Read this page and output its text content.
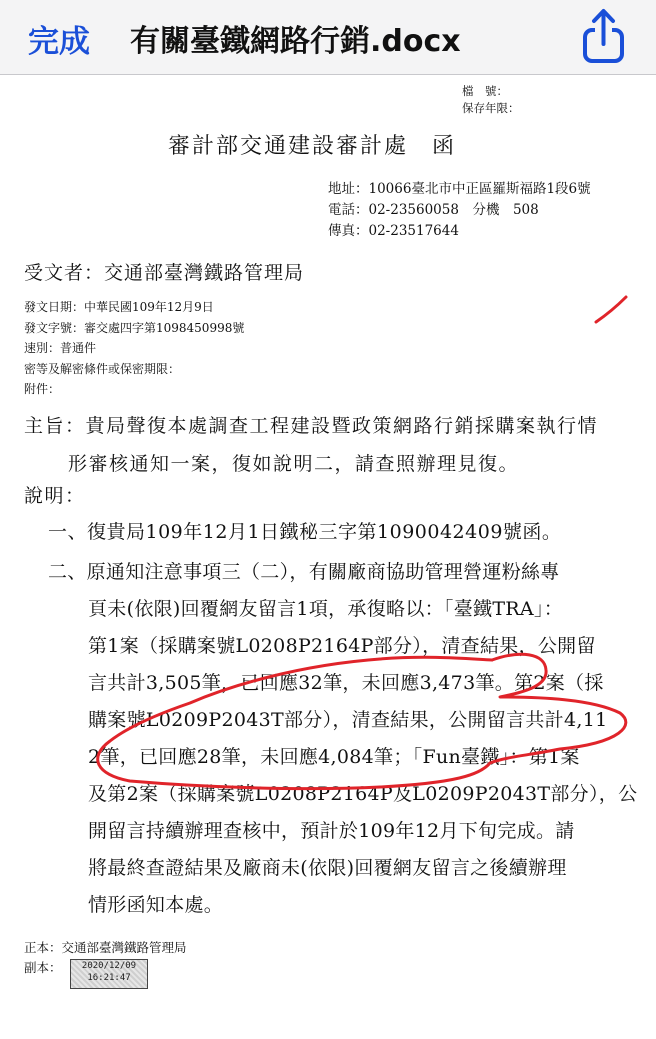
完成 有關臺鐵網路行銷.docx
檔　號：
保存年限：
審計部交通建設審計處　函
地址：10066臺北市中正區羅斯福路1段6號
電話：02-23560058　分機　508
傳真：02-23517644
受文者：交通部臺灣鐵路管理局
發文日期：中華民國109年12月9日
發文字號：審交處四字第1098450998號
速別：普通件
密等及解密條件或保密期限：
附件：
主旨：貴局聲復本處調查工程建設暨政策網路行銷採購案執行情
形審核通知一案，復如說明二，請查照辦理見復。
說明：
一、復貴局109年12月1日鐵秘三字第1090042409號函。
二、原通知注意事項三（二），有關廠商協助管理營運粉絲專
頁未(依限)回覆網友留言1項，承復略以：「臺鐵TRA」：
第1案（採購案號L0208P2164P部分），清查結果，公開留
言共計3,505筆，已回應32筆，未回應3,473筆。第2案（採
購案號L0209P2043T部分），清查結果，公開留言共計4,11
2筆，已回應28筆，未回應4,084筆；「Fun臺鐵」：第1案
及第2案（採購案號L0208P2164P及L0209P2043T部分），公
開留言持續辦理查核中，預計於109年12月下旬完成。請
將最終查證結果及廠商未(依限)回覆網友留言之後續辦理
情形函知本處。
正本：交通部臺灣鐵路管理局
副本：	2020/12/09
16:21:47
